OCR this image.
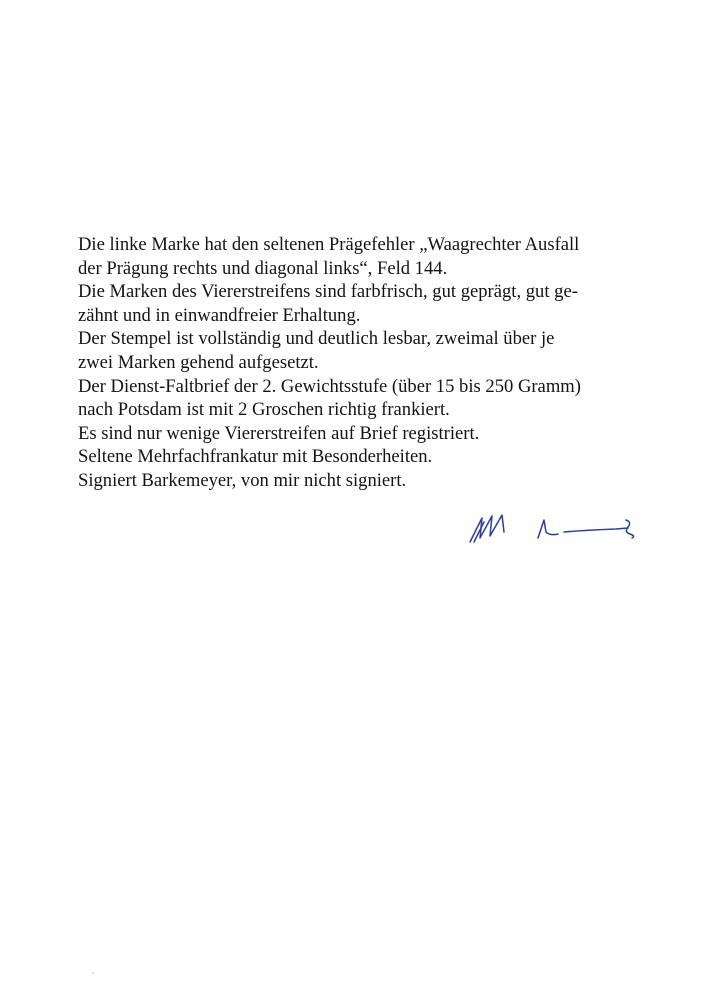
Die linke Marke hat den seltenen Prägefehler „Waagrechter Ausfall
der Prägung rechts und diagonal links“, Feld 144.

Die Marken des Viererstreifens sind farbfrisch, gut geprägt, gut ge-
zähnt und in einwandfreier Erhaltung.

Der Stempel ist vollständig und deutlich lesbar, zweimal über je
zwei Marken gehend aufgesetzt.

Der Dienst-Faltbrief der 2. Gewichtsstufe (über 15 bis 250 Gramm)
nach Potsdam ist mit 2 Groschen richtig frankiert.

Es sind nur wenige Viererstreifen auf Brief registriert.

Seltene Mehrfachfrankatur mit Besonderheiten.

Signiert Barkemeyer, von mir nicht signiert.
